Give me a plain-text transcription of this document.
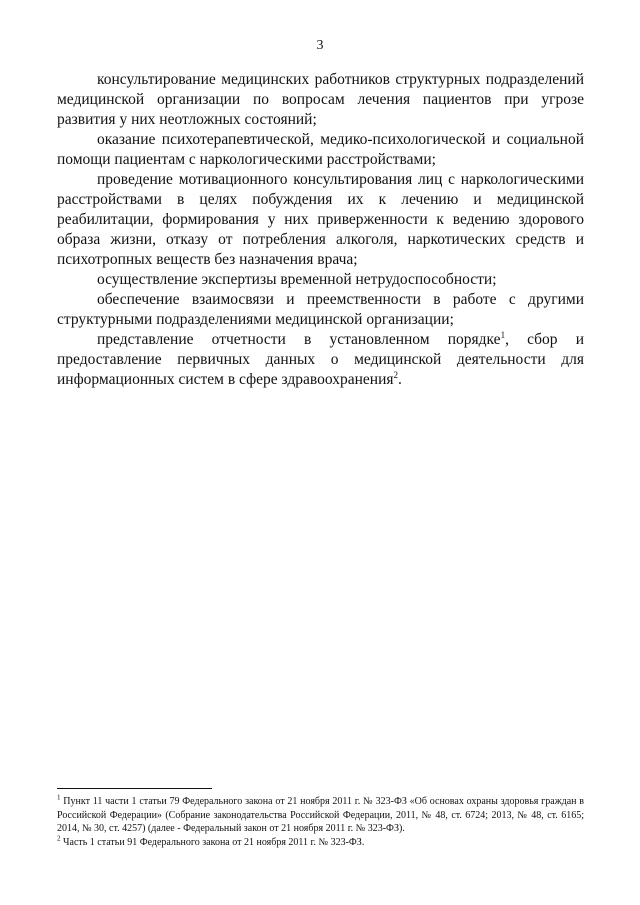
3

консультирование медицинских работников структурных подразделений медицинской организации по вопросам лечения пациентов при угрозе развития у них неотложных состояний;

оказание психотерапевтической, медико-психологической и социальной помощи пациентам с наркологическими расстройствами;

проведение мотивационного консультирования лиц с наркологическими расстройствами в целях побуждения их к лечению и медицинской реабилитации, формирования у них приверженности к ведению здорового образа жизни, отказу от потребления алкоголя, наркотических средств и психотропных веществ без назначения врача;

осуществление экспертизы временной нетрудоспособности;

обеспечение взаимосвязи и преемственности в работе с другими структурными подразделениями медицинской организации;

представление отчетности в установленном порядке$^1$, сбор и предоставление первичных данных о медицинской деятельности для информационных систем в сфере здравоохранения$^2$.

$^1$ Пункт 11 части 1 статьи 79 Федерального закона от 21 ноября 2011 г. № 323-ФЗ «Об основах охраны здоровья граждан в Российской Федерации» (Собрание законодательства Российской Федерации, 2011, № 48, ст. 6724; 2013, № 48, ст. 6165; 2014, № 30, ст. 4257) (далее - Федеральный закон от 21 ноября 2011 г. № 323-ФЗ).

$^2$ Часть 1 статьи 91 Федерального закона от 21 ноября 2011 г. № 323-ФЗ.
